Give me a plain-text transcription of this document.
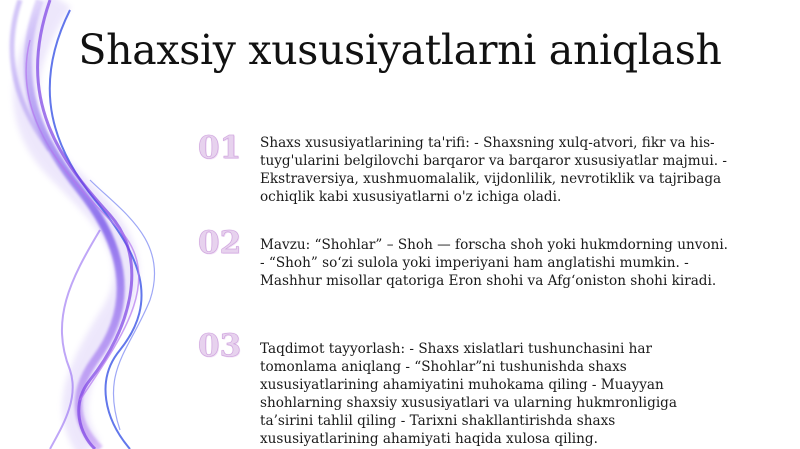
Shaxsiy xususiyatlarni aniqlash
01	Shaxs xususiyatlarining ta'rifi: - Shaxsning xulq-atvori, fikr va his-tuyg'ularini belgilovchi barqaror va barqaror xususiyatlar majmui. - Ekstraversiya, xushmuomalalik, vijdonlilik, nevrotiklik va tajribaga ochiqlik kabi xususiyatlarni o'z ichiga oladi.

02	Mavzu: “Shohlar” – Shoh — forscha shoh yoki hukmdorning unvoni. - “Shoh” so‘zi sulola yoki imperiyani ham anglatishi mumkin. - Mashhur misollar qatoriga Eron shohi va Afg‘oniston shohi kiradi.

03	Taqdimot tayyorlash: - Shaxs xislatlari tushunchasini har tomonlama aniqlang - “Shohlar”ni tushunishda shaxs xususiyatlarining ahamiyatini muhokama qiling - Muayyan shohlarning shaxsiy xususiyatlari va ularning hukmronligiga ta’sirini tahlil qiling - Tarixni shakllantirishda shaxs xususiyatlarining ahamiyati haqida xulosa qiling.
